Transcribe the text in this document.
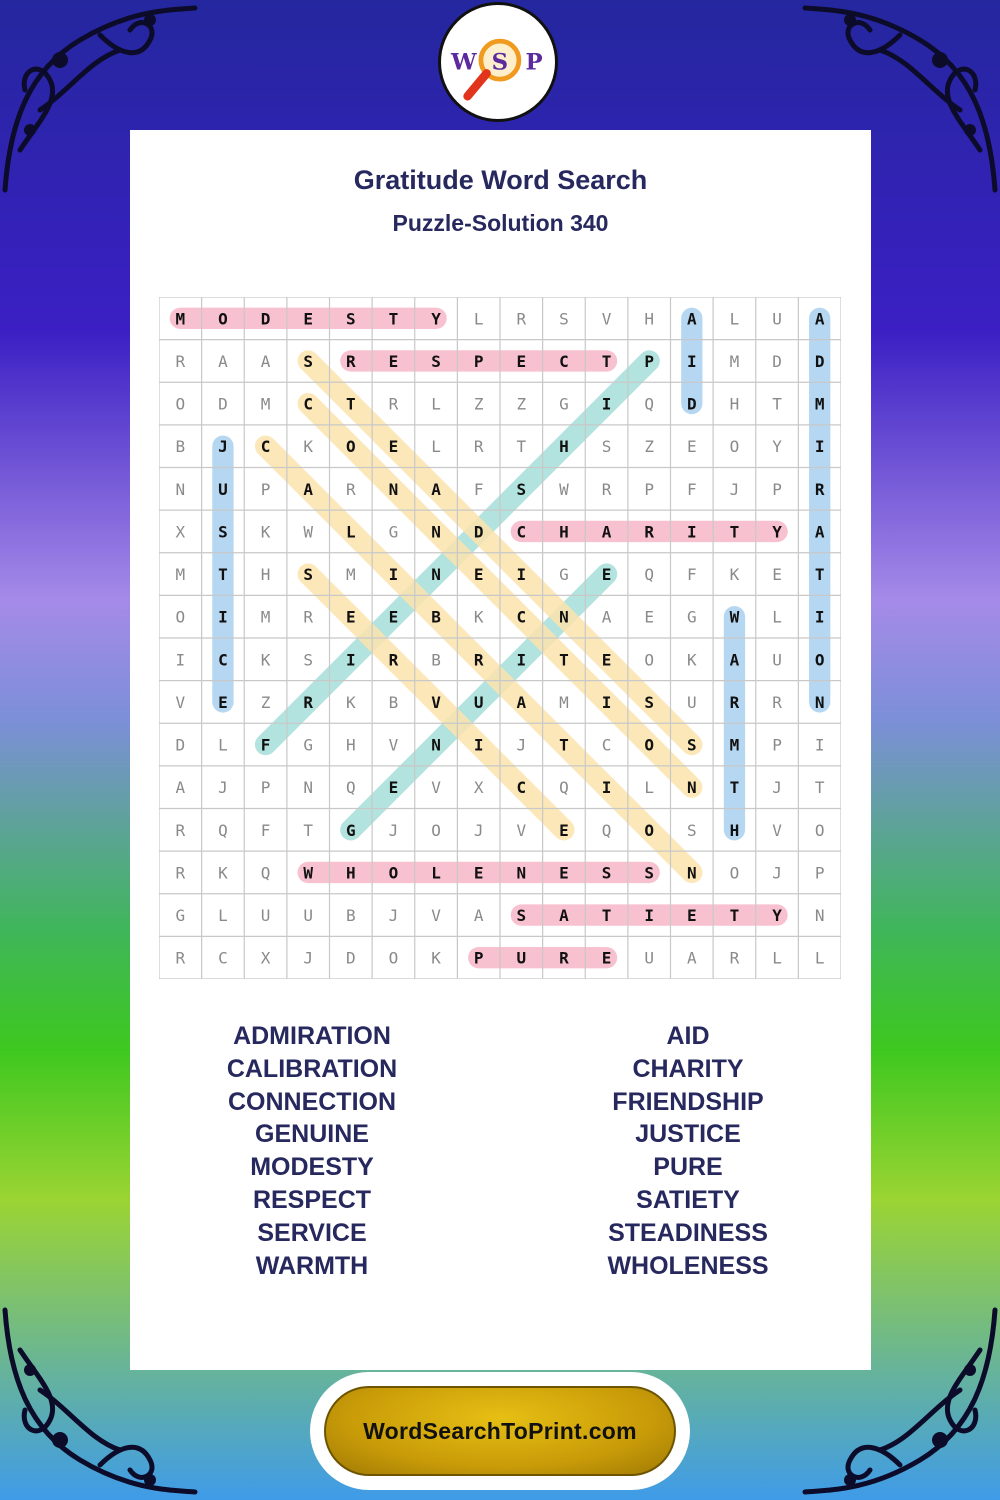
W S P
Gratitude Word Search
Puzzle-Solution 340
M O D E S T Y L R S V H A L U A
R A A S R E S P E C T P I M D D
O D M C T R L Z Z G I Q D H T M
B J C K O E L R T H S Z E O Y I
N U P A R N A F S W R P F J P R
X S K W L G N D C H A R I T Y A
M T H S M I N E I G E Q F K E T
O I M R E E B K C N A E G W L I
I C K S I R B R I T E O K A U O
V E Z R K B V U A M I S U R R N
D L F G H V N I J T C O S M P I
A J P N Q E V X C Q I L N T J T
R Q F T G J O J V E Q O S H V O
R K Q W H O L E N E S S N O J P
G L U U B J V A S A T I E T Y N
R C X J D O K P U R E U A R L L
ADMIRATION
CALIBRATION
CONNECTION
GENUINE
MODESTY
RESPECT
SERVICE
WARMTH
AID
CHARITY
FRIENDSHIP
JUSTICE
PURE
SATIETY
STEADINESS
WHOLENESS
WordSearchToPrint.com
